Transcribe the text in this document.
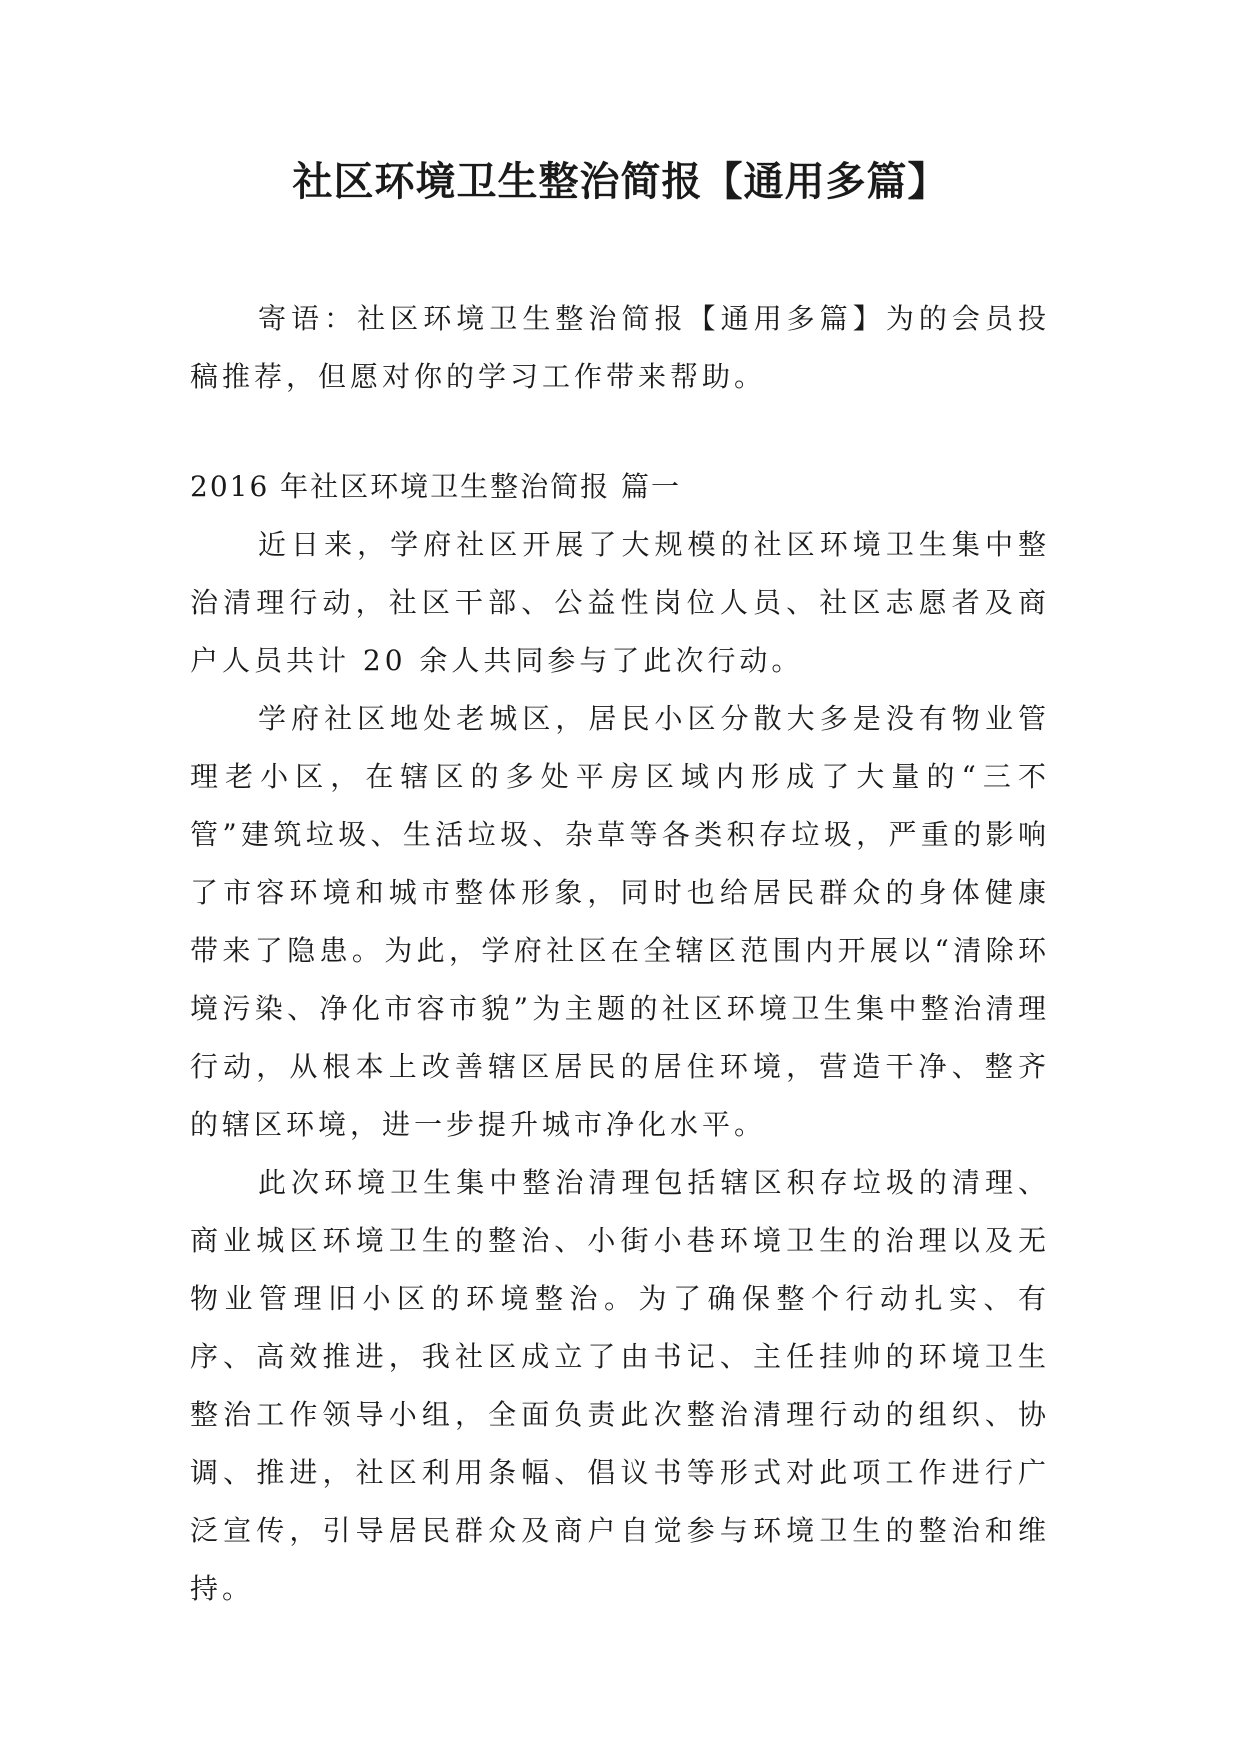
社区环境卫生整治简报【通用多篇】

寄语：社区环境卫生整治简报【通用多篇】为的会员投稿推荐，但愿对你的学习工作带来帮助。

2016 年社区环境卫生整治简报 篇一

近日来，学府社区开展了大规模的社区环境卫生集中整治清理行动，社区干部、公益性岗位人员、社区志愿者及商户人员共计 20 余人共同参与了此次行动。

学府社区地处老城区，居民小区分散大多是没有物业管理老小区，在辖区的多处平房区域内形成了大量的“三不管”建筑垃圾、生活垃圾、杂草等各类积存垃圾，严重的影响了市容环境和城市整体形象，同时也给居民群众的身体健康带来了隐患。为此，学府社区在全辖区范围内开展以“清除环境污染、净化市容市貌”为主题的社区环境卫生集中整治清理行动，从根本上改善辖区居民的居住环境，营造干净、整齐的辖区环境，进一步提升城市净化水平。

此次环境卫生集中整治清理包括辖区积存垃圾的清理、商业城区环境卫生的整治、小街小巷环境卫生的治理以及无物业管理旧小区的环境整治。为了确保整个行动扎实、有序、高效推进，我社区成立了由书记、主任挂帅的环境卫生整治工作领导小组，全面负责此次整治清理行动的组织、协调、推进，社区利用条幅、倡议书等形式对此项工作进行广泛宣传，引导居民群众及商户自觉参与环境卫生的整治和维持。
